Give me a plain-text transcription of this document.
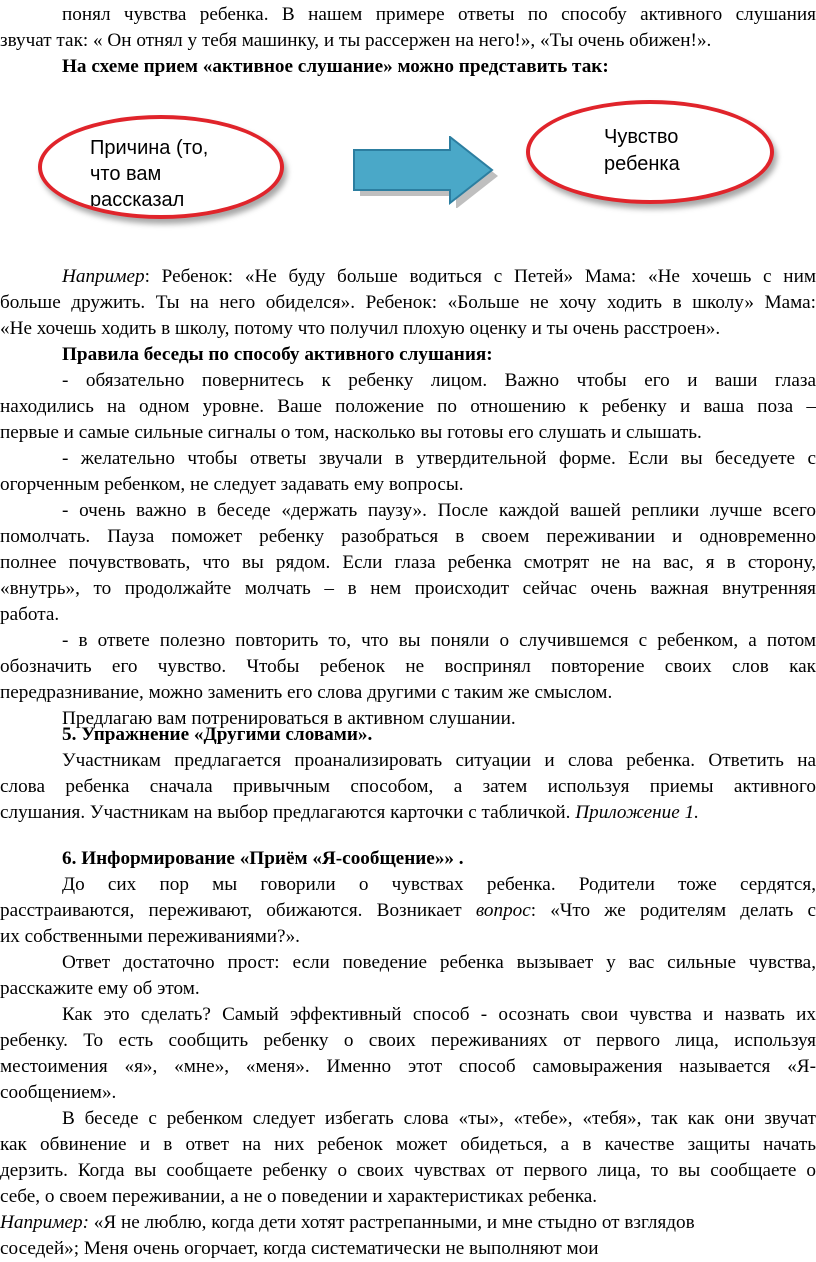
понял чувства ребенка. В нашем примере ответы по способу активного слушания
звучат так: « Он отнял у тебя машинку, и ты рассержен на него!», «Ты очень обижен!».
На схеме прием «активное слушание» можно представить так:
Причина (то,
что вам
рассказал
Чувство
ребенка
Например: Ребенок: «Не буду больше водиться с Петей» Мама: «Не хочешь с ним
больше дружить. Ты на него обиделся». Ребенок: «Больше не хочу ходить в школу» Мама:
«Не хочешь ходить в школу, потому что получил плохую оценку и ты очень расстроен».
Правила беседы по способу активного слушания:
- обязательно повернитесь к ребенку лицом. Важно чтобы его и ваши глаза
находились на одном уровне. Ваше положение по отношению к ребенку и ваша поза –
первые и самые сильные сигналы о том, насколько вы готовы его слушать и слышать.
- желательно чтобы ответы звучали в утвердительной форме. Если вы беседуете с
огорченным ребенком, не следует задавать ему вопросы.
- очень важно в беседе «держать паузу». После каждой вашей реплики лучше всего
помолчать. Пауза поможет ребенку разобраться в своем переживании и одновременно
полнее почувствовать, что вы рядом. Если глаза ребенка смотрят не на вас, я в сторону,
«внутрь», то продолжайте молчать – в нем происходит сейчас очень важная внутренняя
работа.
- в ответе полезно повторить то, что вы поняли о случившемся с ребенком, а потом
обозначить его чувство. Чтобы ребенок не воспринял повторение своих слов как
передразнивание, можно заменить его слова другими с таким же смыслом.
Предлагаю вам потренироваться в активном слушании.
5. Упражнение «Другими словами».
Участникам предлагается проанализировать ситуации и слова ребенка. Ответить на
слова ребенка сначала привычным способом, а затем используя приемы активного
слушания. Участникам на выбор предлагаются карточки с табличкой. Приложение 1.
6. Информирование «Приём «Я-сообщение»» .
До сих пор мы говорили о чувствах ребенка. Родители тоже сердятся,
расстраиваются, переживают, обижаются. Возникает вопрос: «Что же родителям делать с
их собственными переживаниями?».
Ответ достаточно прост: если поведение ребенка вызывает у вас сильные чувства,
расскажите ему об этом.
Как это сделать? Самый эффективный способ - осознать свои чувства и назвать их
ребенку. То есть сообщить ребенку о своих переживаниях от первого лица, используя
местоимения «я», «мне», «меня». Именно этот способ самовыражения называется «Я-
сообщением».
В беседе с ребенком следует избегать слова «ты», «тебе», «тебя», так как они звучат
как обвинение и в ответ на них ребенок может обидеться, а в качестве защиты начать
дерзить. Когда вы сообщаете ребенку о своих чувствах от первого лица, то вы сообщаете о
себе, о своем переживании, а не о поведении и характеристиках ребенка.
Например: «Я не люблю, когда дети хотят растрепанными, и мне стыдно от взглядов
соседей»; Меня очень огорчает, когда систематически не выполняют мои
